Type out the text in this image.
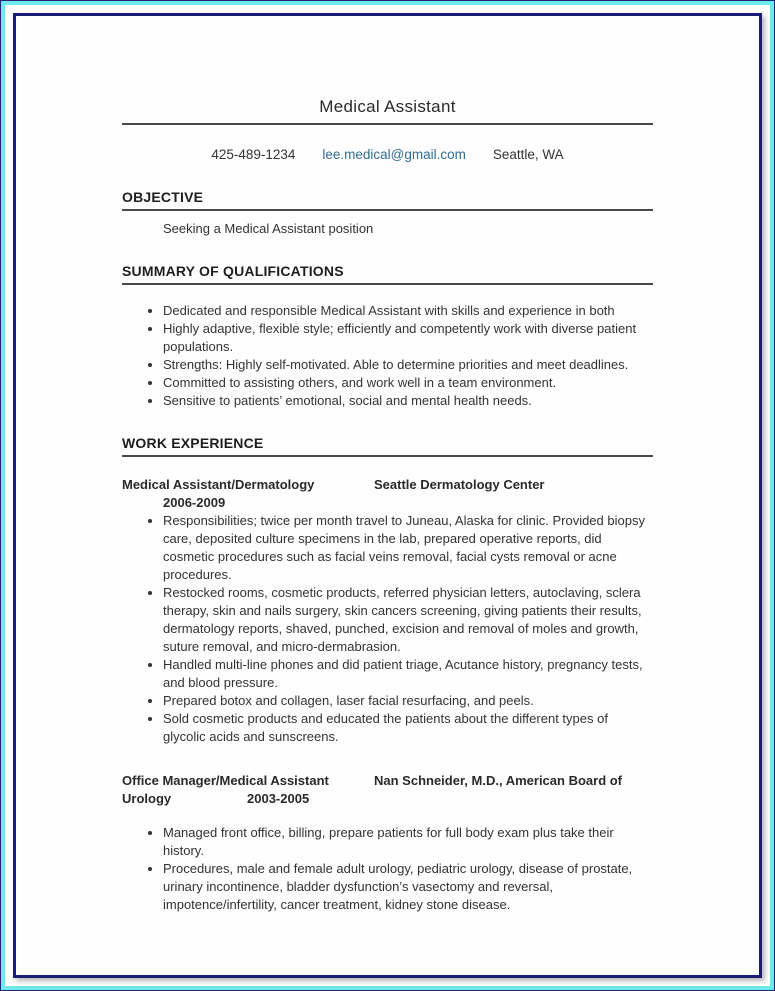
Medical Assistant
425-489-1234 lee.medical@gmail.com Seattle, WA
OBJECTIVE
Seeking a Medical Assistant position
SUMMARY OF QUALIFICATIONS
• Dedicated and responsible Medical Assistant with skills and experience in both
• Highly adaptive, flexible style; efficiently and competently work with diverse patient populations.
• Strengths: Highly self-motivated. Able to determine priorities and meet deadlines.
• Committed to assisting others, and work well in a team environment.
• Sensitive to patients’ emotional, social and mental health needs.
WORK EXPERIENCE
Medical Assistant/Dermatology	Seattle Dermatology Center
2006-2009
• Responsibilities; twice per month travel to Juneau, Alaska for clinic. Provided biopsy care, deposited culture specimens in the lab, prepared operative reports, did cosmetic procedures such as facial veins removal, facial cysts removal or acne procedures.
• Restocked rooms, cosmetic products, referred physician letters, autoclaving, sclera therapy, skin and nails surgery, skin cancers screening, giving patients their results, dermatology reports, shaved, punched, excision and removal of moles and growth, suture removal, and micro-dermabrasion.
• Handled multi-line phones and did patient triage, Acutance history, pregnancy tests, and blood pressure.
• Prepared botox and collagen, laser facial resurfacing, and peels.
• Sold cosmetic products and educated the patients about the different types of glycolic acids and sunscreens.
Office Manager/Medical Assistant	Nan Schneider, M.D., American Board of
Urology	2003-2005
• Managed front office, billing, prepare patients for full body exam plus take their history.
• Procedures, male and female adult urology, pediatric urology, disease of prostate, urinary incontinence, bladder dysfunction’s vasectomy and reversal, impotence/infertility, cancer treatment, kidney stone disease.
